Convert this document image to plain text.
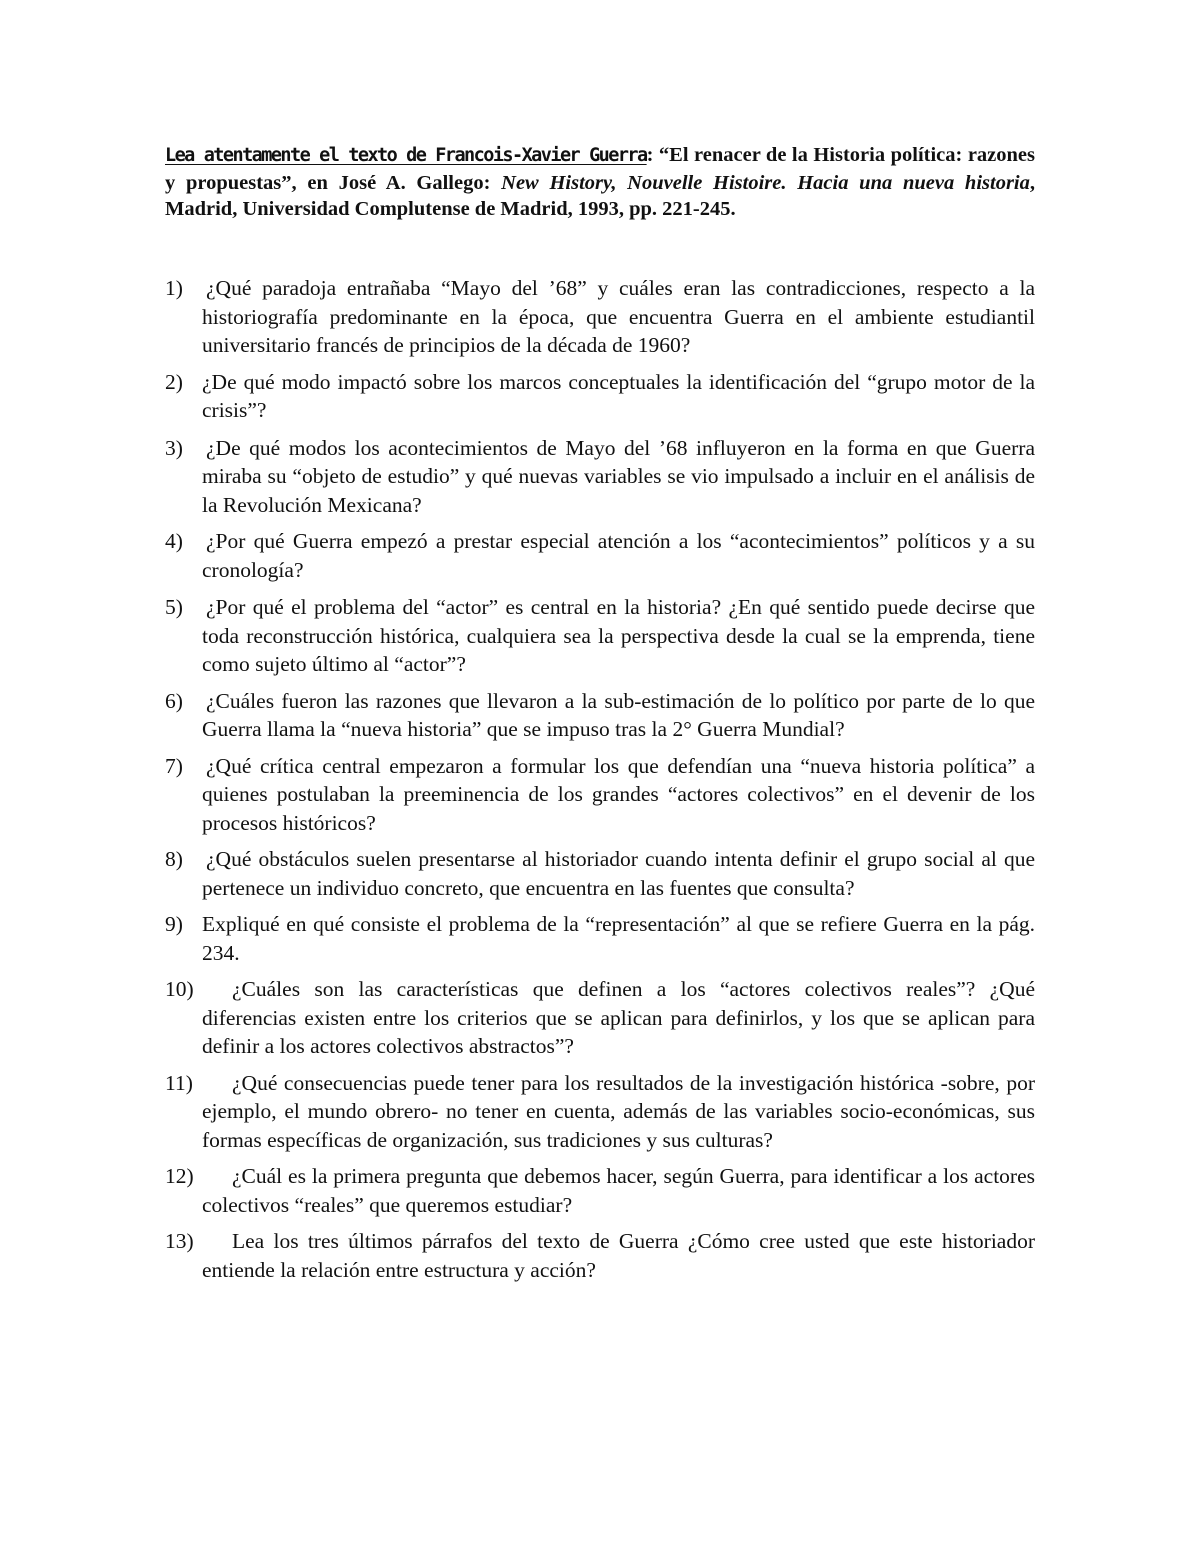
Lea atentamente el texto de Francois-Xavier Guerra: “El renacer de la Historia política: razones y propuestas”, en José A. Gallego: New History, Nouvelle Histoire. Hacia una nueva historia, Madrid, Universidad Complutense de Madrid, 1993, pp. 221-245.

1) ¿Qué paradoja entrañaba “Mayo del ’68” y cuáles eran las contradicciones, respecto a la historiografía predominante en la época, que encuentra Guerra en el ambiente estudiantil universitario francés de principios de la década de 1960?
2) ¿De qué modo impactó sobre los marcos conceptuales la identificación del “grupo motor de la crisis”?
3) ¿De qué modos los acontecimientos de Mayo del ’68 influyeron en la forma en que Guerra miraba su “objeto de estudio” y qué nuevas variables se vio impulsado a incluir en el análisis de la Revolución Mexicana?
4) ¿Por qué Guerra empezó a prestar especial atención a los “acontecimientos” políticos y a su cronología?
5) ¿Por qué el problema del “actor” es central en la historia? ¿En qué sentido puede decirse que toda reconstrucción histórica, cualquiera sea la perspectiva desde la cual se la emprenda, tiene como sujeto último al “actor”?
6) ¿Cuáles fueron las razones que llevaron a la sub-estimación de lo político por parte de lo que Guerra llama la “nueva historia” que se impuso tras la 2° Guerra Mundial?
7) ¿Qué crítica central empezaron a formular los que defendían una “nueva historia política” a quienes postulaban la preeminencia de los grandes “actores colectivos” en el devenir de los procesos históricos?
8) ¿Qué obstáculos suelen presentarse al historiador cuando intenta definir el grupo social al que pertenece un individuo concreto, que encuentra en las fuentes que consulta?
9) Expliqué en qué consiste el problema de la “representación” al que se refiere Guerra en la pág. 234.
10)	¿Cuáles son las características que definen a los “actores colectivos reales”? ¿Qué diferencias existen entre los criterios que se aplican para definirlos, y los que se aplican para definir a los actores colectivos abstractos”?
11)	¿Qué consecuencias puede tener para los resultados de la investigación histórica -sobre, por ejemplo, el mundo obrero- no tener en cuenta, además de las variables socio-económicas, sus formas específicas de organización, sus tradiciones y sus culturas?
12)	¿Cuál es la primera pregunta que debemos hacer, según Guerra, para identificar a los actores colectivos “reales” que queremos estudiar?
13)	Lea los tres últimos párrafos del texto de Guerra ¿Cómo cree usted que este historiador entiende la relación entre estructura y acción?
